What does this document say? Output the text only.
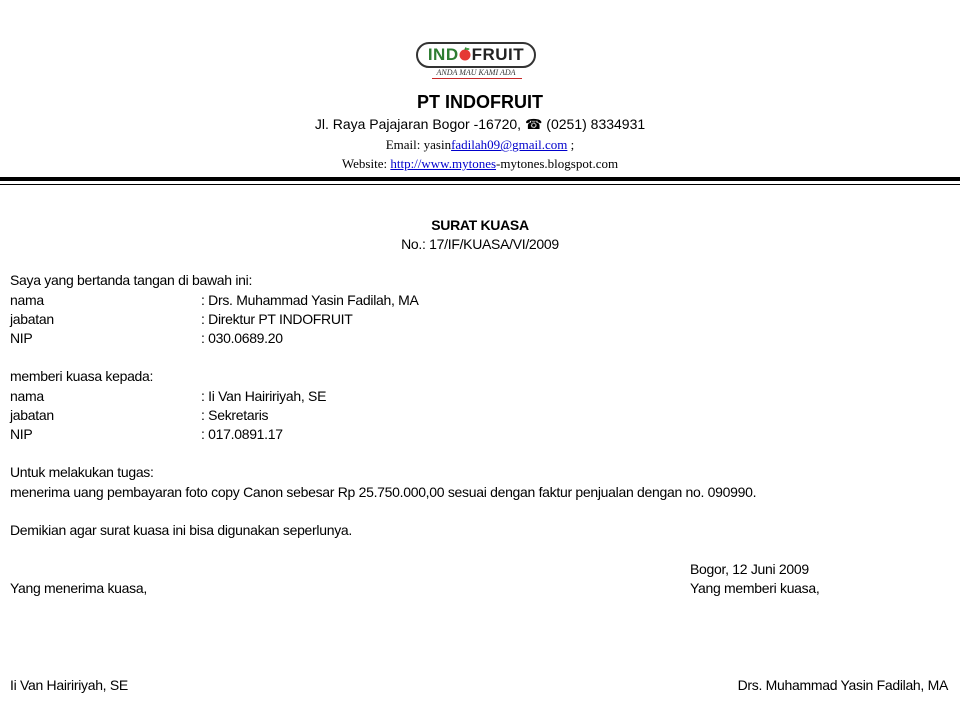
IND FRUIT
ANDA MAU KAMI ADA
PT INDOFRUIT
Jl. Raya Pajajaran Bogor -16720, ☎ (0251) 8334931
Email: yasinfadilah09@gmail.com ;
Website: http://www.mytones-mytones.blogspot.com
SURAT KUASA
No.: 17/IF/KUASA/VI/2009
Saya yang bertanda tangan di bawah ini:
nama	: Drs. Muhammad Yasin Fadilah, MA
jabatan	: Direktur PT INDOFRUIT
NIP	: 030.0689.20
memberi kuasa kepada:
nama	: Ii Van Haiririyah, SE
jabatan	: Sekretaris
NIP	: 017.0891.17
Untuk melakukan tugas:
menerima uang pembayaran foto copy Canon sebesar Rp 25.750.000,00 sesuai dengan faktur penjualan dengan no. 090990.
Demikian agar surat kuasa ini bisa digunakan seperlunya.
Bogor, 12 Juni 2009
Yang menerima kuasa,	Yang memberi kuasa,
Ii Van Haiririyah, SE	Drs. Muhammad Yasin Fadilah, MA
